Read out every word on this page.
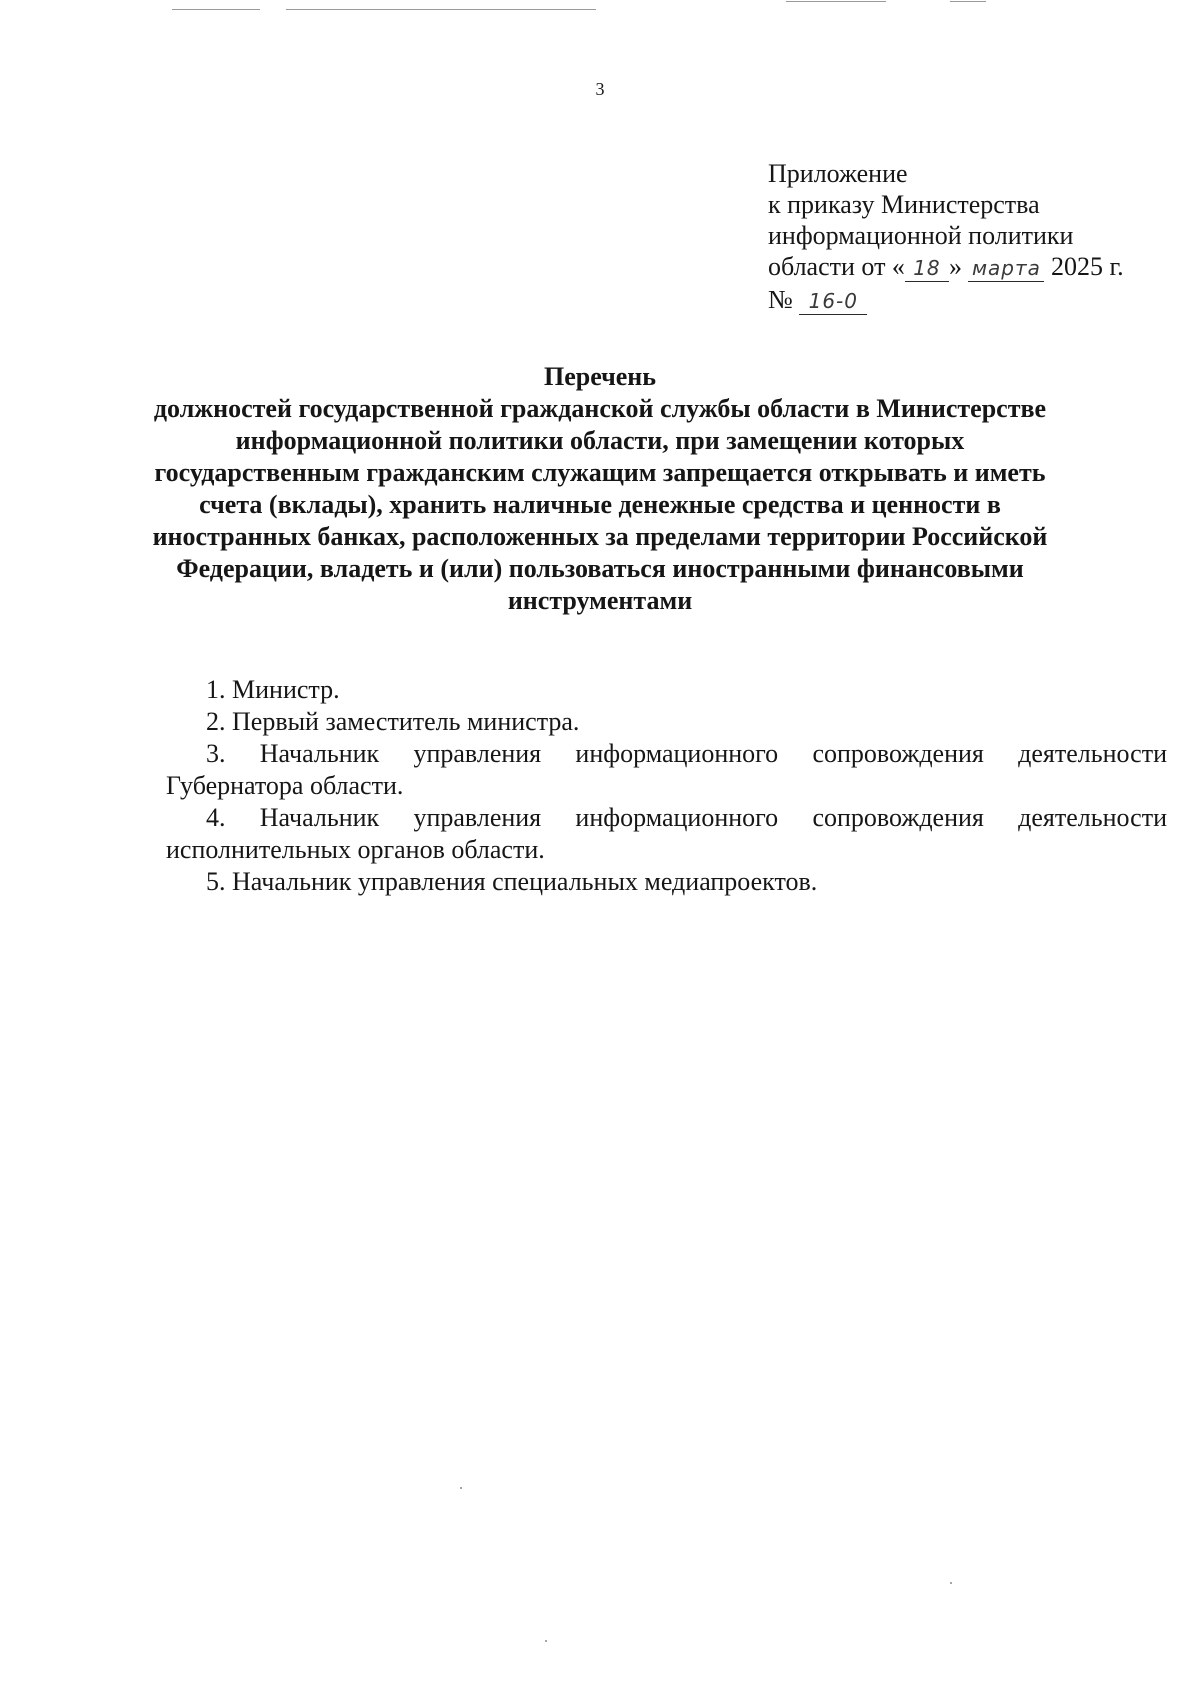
3
Приложение
к приказу Министерства
информационной политики
области от « 18 » марта 2025 г.
№ 16-0
Перечень
должностей государственной гражданской службы области в Министерстве
информационной политики области, при замещении которых
государственным гражданским служащим запрещается открывать и иметь
счета (вклады), хранить наличные денежные средства и ценности в
иностранных банках, расположенных за пределами территории Российской
Федерации, владеть и (или) пользоваться иностранными финансовыми
инструментами
1. Министр.
2. Первый заместитель министра.
3. Начальник управления информационного сопровождения деятельности Губернатора области.
4. Начальник управления информационного сопровождения деятельности исполнительных органов области.
5. Начальник управления специальных медиапроектов.
